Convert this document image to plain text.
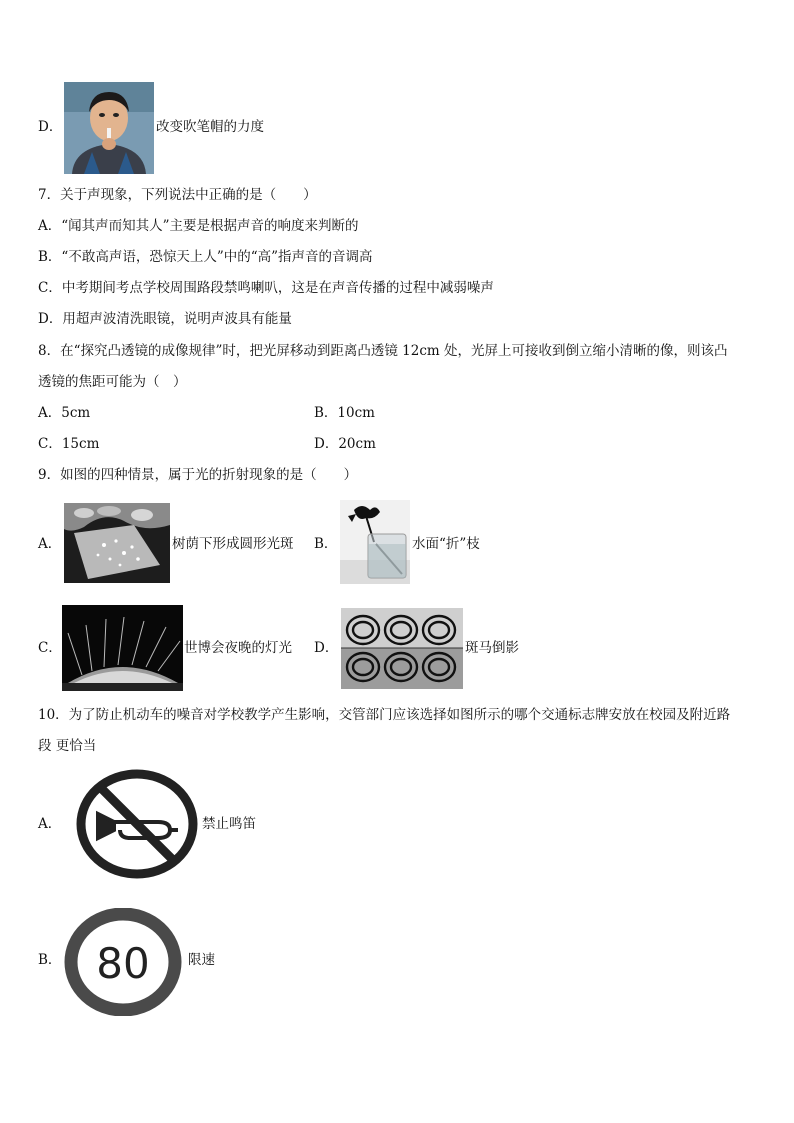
D．	改变吹笔帽的力度
7．关于声现象，下列说法中正确的是（　　）
A．“闻其声而知其人”主要是根据声音的响度来判断的
B．“不敢高声语，恐惊天上人”中的“高”指声音的音调高
C．中考期间考点学校周围路段禁鸣喇叭，这是在声音传播的过程中减弱噪声
D．用超声波清洗眼镜，说明声波具有能量
8．在“探究凸透镜的成像规律”时，把光屏移动到距离凸透镜 12cm 处，光屏上可接收到倒立缩小清晰的像，则该凸
透镜的焦距可能为（　）
A．5cm	B．10cm
C．15cm	D．20cm
9．如图的四种情景，属于光的折射现象的是（　　）
A．	树荫下形成圆形光斑 B．	水面“折”枝
C．	世博会夜晚的灯光 D．	斑马倒影
10．为了防止机动车的噪音对学校教学产生影响，交管部门应该选择如图所示的哪个交通标志牌安放在校园及附近路
段 更恰当
A．	禁止鸣笛
B． 80	限速
